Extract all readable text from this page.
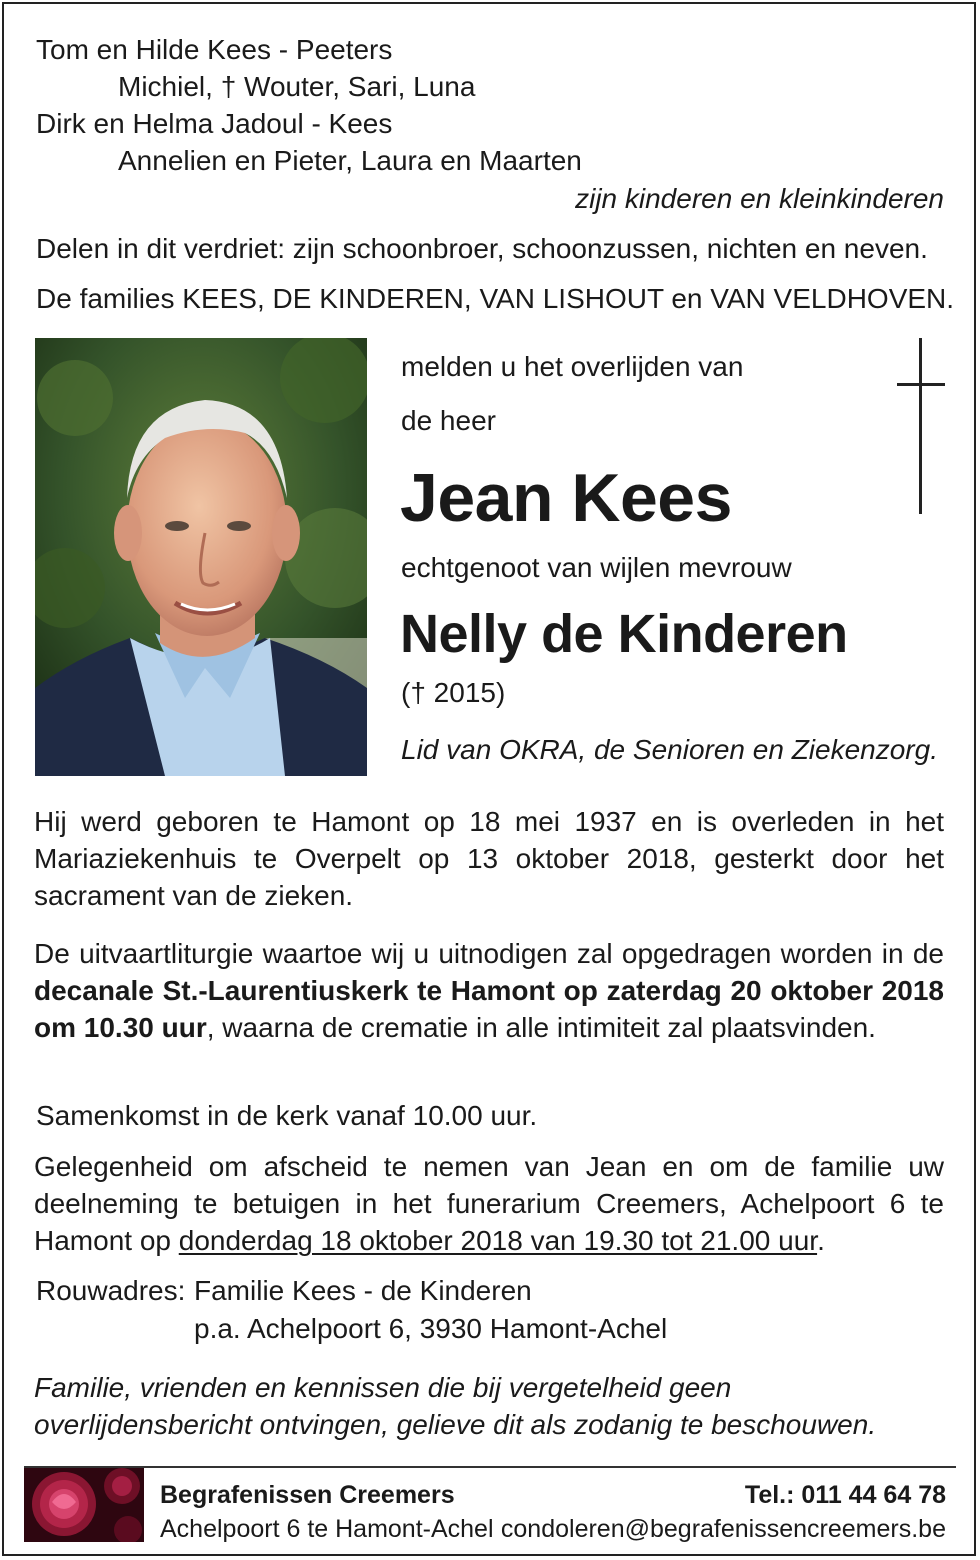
Tom en Hilde Kees - Peeters
Michiel, † Wouter, Sari, Luna
Dirk en Helma Jadoul - Kees
Annelien en Pieter, Laura en Maarten
zijn kinderen en kleinkinderen
Delen in dit verdriet: zijn schoonbroer, schoonzussen, nichten en neven.
De families KEES, DE KINDEREN, VAN LISHOUT en VAN VELDHOVEN.
melden u het overlijden van
de heer
Jean Kees
echtgenoot van wijlen mevrouw
Nelly de Kinderen
(† 2015)
Lid van OKRA, de Senioren en Ziekenzorg.
Hij werd geboren te Hamont op 18 mei 1937 en is overleden in het Mariaziekenhuis te Overpelt op 13 oktober 2018, gesterkt door het sacrament van de zieken.
De uitvaartliturgie waartoe wij u uitnodigen zal opgedragen worden in de decanale St.-Laurentiuskerk te Hamont op zaterdag 20 oktober 2018 om 10.30 uur, waarna de crematie in alle intimiteit zal plaatsvinden.
Samenkomst in de kerk vanaf 10.00 uur.
Gelegenheid om afscheid te nemen van Jean en om de familie uw deelneming te betuigen in het funerarium Creemers, Achelpoort 6 te Hamont op donderdag 18 oktober 2018 van 19.30 tot 21.00 uur.
Rouwadres: Familie Kees - de Kinderen
p.a. Achelpoort 6, 3930 Hamont-Achel
Familie, vrienden en kennissen die bij vergetelheid geen overlijdensbericht ontvingen, gelieve dit als zodanig te beschouwen.
Begrafenissen Creemers
Achelpoort 6 te Hamont-Achel
Tel.: 011 44 64 78
condoleren@begrafenissencreemers.be
